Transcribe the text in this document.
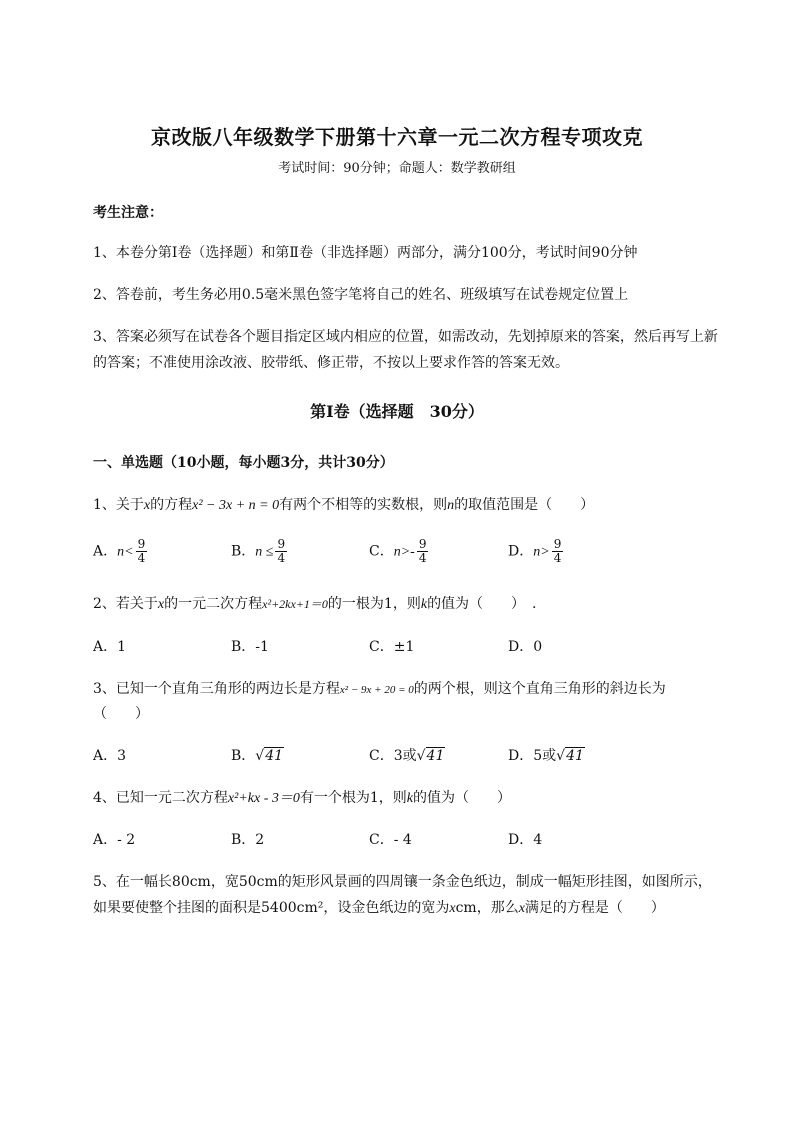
京改版八年级数学下册第十六章一元二次方程专项攻克
考试时间：90分钟；命题人：数学教研组
考生注意：
1、本卷分第I卷（选择题）和第Ⅱ卷（非选择题）两部分，满分100分，考试时间90分钟
2、答卷前，考生务必用0.5毫米黑色签字笔将自己的姓名、班级填写在试卷规定位置上
3、答案必须写在试卷各个题目指定区域内相应的位置，如需改动，先划掉原来的答案，然后再写上新
的答案；不准使用涂改液、胶带纸、修正带，不按以上要求作答的答案无效。
第I卷（选择题　30分）
一、单选题（10小题，每小题3分，共计30分）
1、关于x的方程x² − 3x + n = 0有两个不相等的实数根，则n的取值范围是（　　）
A．$n< \frac{9}{4}$	B．$n \le \frac{9}{4}$	C．$n>- \frac{9}{4}$	D．$n> \frac{9}{4}$
2、若关于x的一元二次方程x²+2kx+1＝0的一根为1，则k的值为（　　）　.
A．1	B．-1	C．±1	D．0
3、已知一个直角三角形的两边长是方程x² − 9x + 20 = 0的两个根，则这个直角三角形的斜边长为
（　　）
A．3	B．√41	C．3或√41	D．5或√41
4、已知一元二次方程x²+kx - 3＝0有一个根为1，则k的值为（　　）
A．- 2	B．2	C．- 4	D．4
5、在一幅长80cm，宽50cm的矩形风景画的四周镶一条金色纸边，制成一幅矩形挂图，如图所示，
如果要使整个挂图的面积是5400cm²，设金色纸边的宽为xcm，那么x满足的方程是（　　）
